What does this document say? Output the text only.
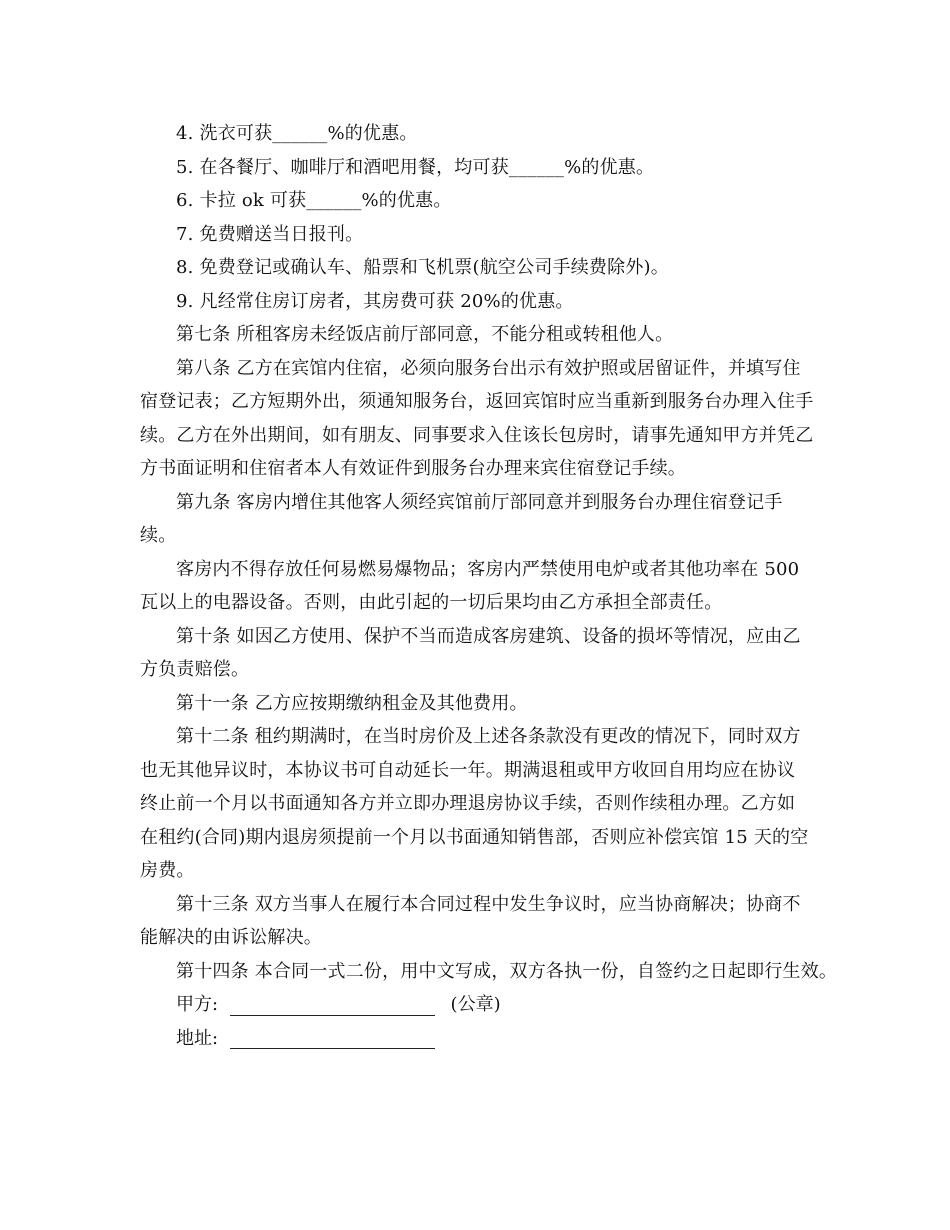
4. 洗衣可获______%的优惠。
5. 在各餐厅、咖啡厅和酒吧用餐，均可获______%的优惠。
6. 卡拉 ok 可获______%的优惠。
7. 免费赠送当日报刊。
8. 免费登记或确认车、船票和飞机票(航空公司手续费除外)。
9. 凡经常住房订房者，其房费可获 20%的优惠。
第七条 所租客房未经饭店前厅部同意，不能分租或转租他人。
第八条 乙方在宾馆内住宿，必须向服务台出示有效护照或居留证件，并填写住
宿登记表；乙方短期外出，须通知服务台，返回宾馆时应当重新到服务台办理入住手
续。乙方在外出期间，如有朋友、同事要求入住该长包房时，请事先通知甲方并凭乙
方书面证明和住宿者本人有效证件到服务台办理来宾住宿登记手续。
第九条 客房内增住其他客人须经宾馆前厅部同意并到服务台办理住宿登记手
续。
客房内不得存放任何易燃易爆物品；客房内严禁使用电炉或者其他功率在 500
瓦以上的电器设备。否则，由此引起的一切后果均由乙方承担全部责任。
第十条 如因乙方使用、保护不当而造成客房建筑、设备的损坏等情况，应由乙
方负责赔偿。
第十一条 乙方应按期缴纳租金及其他费用。
第十二条 租约期满时，在当时房价及上述各条款没有更改的情况下，同时双方
也无其他异议时，本协议书可自动延长一年。期满退租或甲方收回自用均应在协议
终止前一个月以书面通知各方并立即办理退房协议手续，否则作续租办理。乙方如
在租约(合同)期内退房须提前一个月以书面通知销售部，否则应补偿宾馆 15 天的空
房费。
第十三条 双方当事人在履行本合同过程中发生争议时，应当协商解决；协商不
能解决的由诉讼解决。
第十四条 本合同一式二份，用中文写成，双方各执一份，自签约之日起即行生效。
甲方:	(公章)
地址:
